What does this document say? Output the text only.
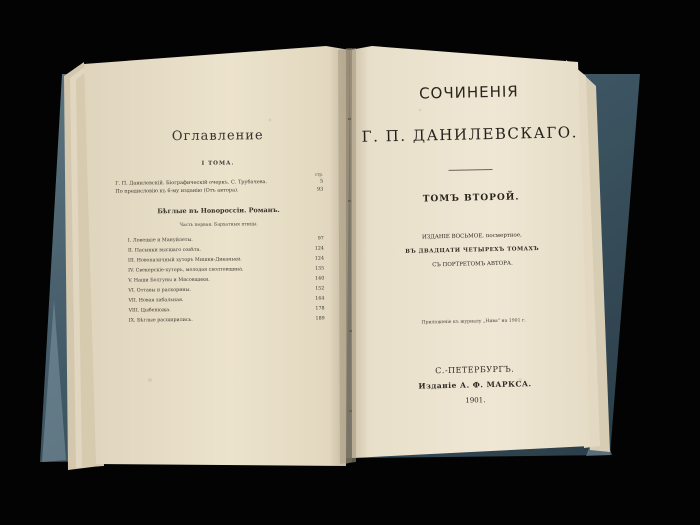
Оглавление
I ТОМА.
стр.
Г. П. Данилевскій. Біографическій очеркъ. С. Трубачева.	5
По предисловію къ 6-му изданію (Отъ автора).	93
Бѣглые въ Новороссіи. Романъ.
Часть первая. Бархатныя птицы.
I. Ловецкіе и Мануйлеты.	97
II. Пасынки высшаго совѣта.	124
III. Новопазичный хуторъ Мишки-Диканьки.	124
IV. Свекерскіе-хуторъ, молодая сволтовщина.	135
V. Наши Болгуны и Мясовщики.	140
VI. Оттавы и раскорины.	152
VII. Новая хабальная.	164
VIII. Цыбенюжа.	178
IX. Бѣглые расширились.	189
СОЧИНЕНІЯ
Г. П. ДАНИЛЕВСКАГО.
ТОМЪ ВТОРОЙ.
ИЗДАНІЕ ВОСЬМОЕ, посмертное,
ВЪ ДВАДЦАТИ ЧЕТЫРЕХЪ ТОМАХЪ
СЪ ПОРТРЕТОМЪ АВТОРА.
Приложеніе къ журналу „Нива“ на 1901 г.
С.-ПЕТЕРБУРГЪ.
Изданіе А. Ф. МАРКСА.
1901.
